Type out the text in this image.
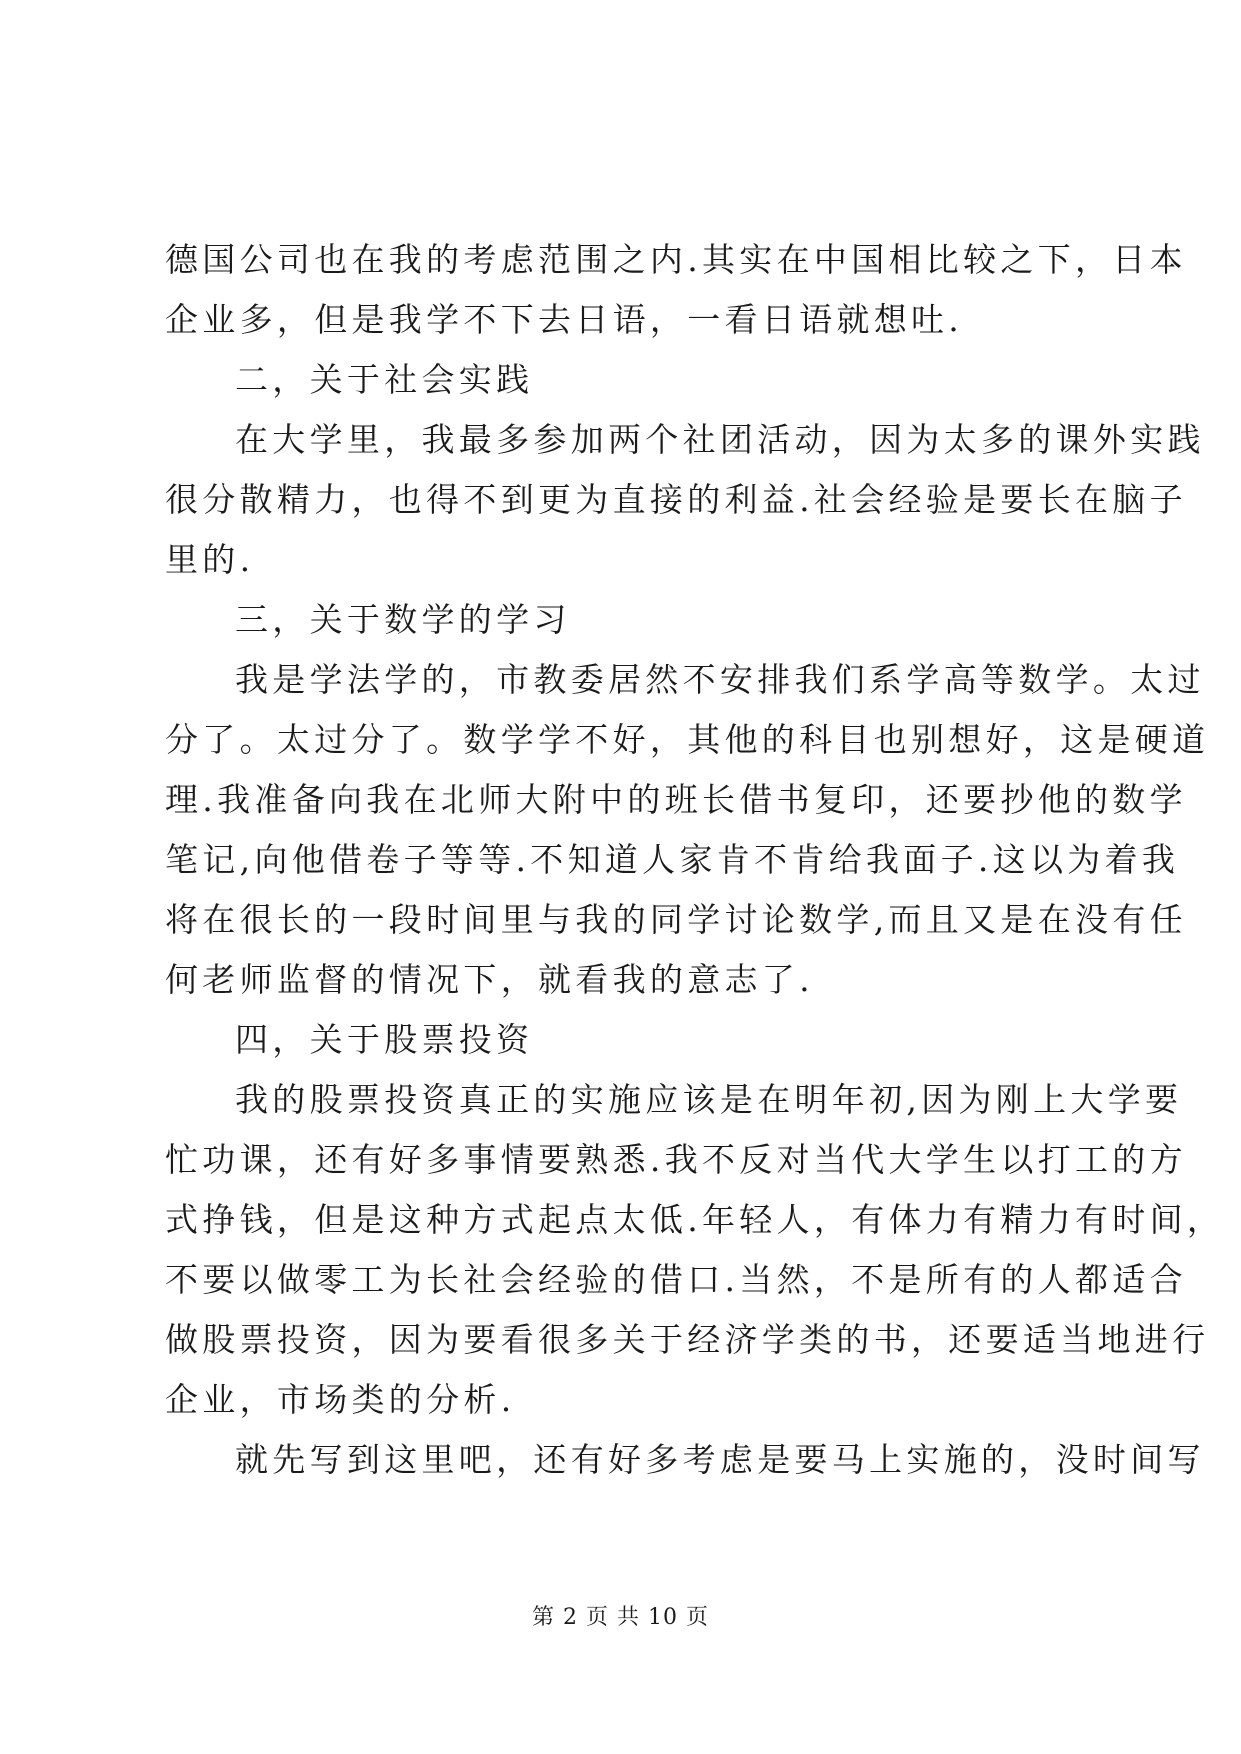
德国公司也在我的考虑范围之内.其实在中国相比较之下，日本
企业多，但是我学不下去日语，一看日语就想吐.
二，关于社会实践
在大学里，我最多参加两个社团活动，因为太多的课外实践
很分散精力，也得不到更为直接的利益.社会经验是要长在脑子
里的.
三，关于数学的学习
我是学法学的，市教委居然不安排我们系学高等数学。太过
分了。太过分了。数学学不好，其他的科目也别想好，这是硬道
理.我准备向我在北师大附中的班长借书复印，还要抄他的数学
笔记,向他借卷子等等.不知道人家肯不肯给我面子.这以为着我
将在很长的一段时间里与我的同学讨论数学,而且又是在没有任
何老师监督的情况下，就看我的意志了.
四，关于股票投资
我的股票投资真正的实施应该是在明年初,因为刚上大学要
忙功课，还有好多事情要熟悉.我不反对当代大学生以打工的方
式挣钱，但是这种方式起点太低.年轻人，有体力有精力有时间，
不要以做零工为长社会经验的借口.当然，不是所有的人都适合
做股票投资，因为要看很多关于经济学类的书，还要适当地进行
企业，市场类的分析.
就先写到这里吧，还有好多考虑是要马上实施的，没时间写
第 2 页 共 10 页
